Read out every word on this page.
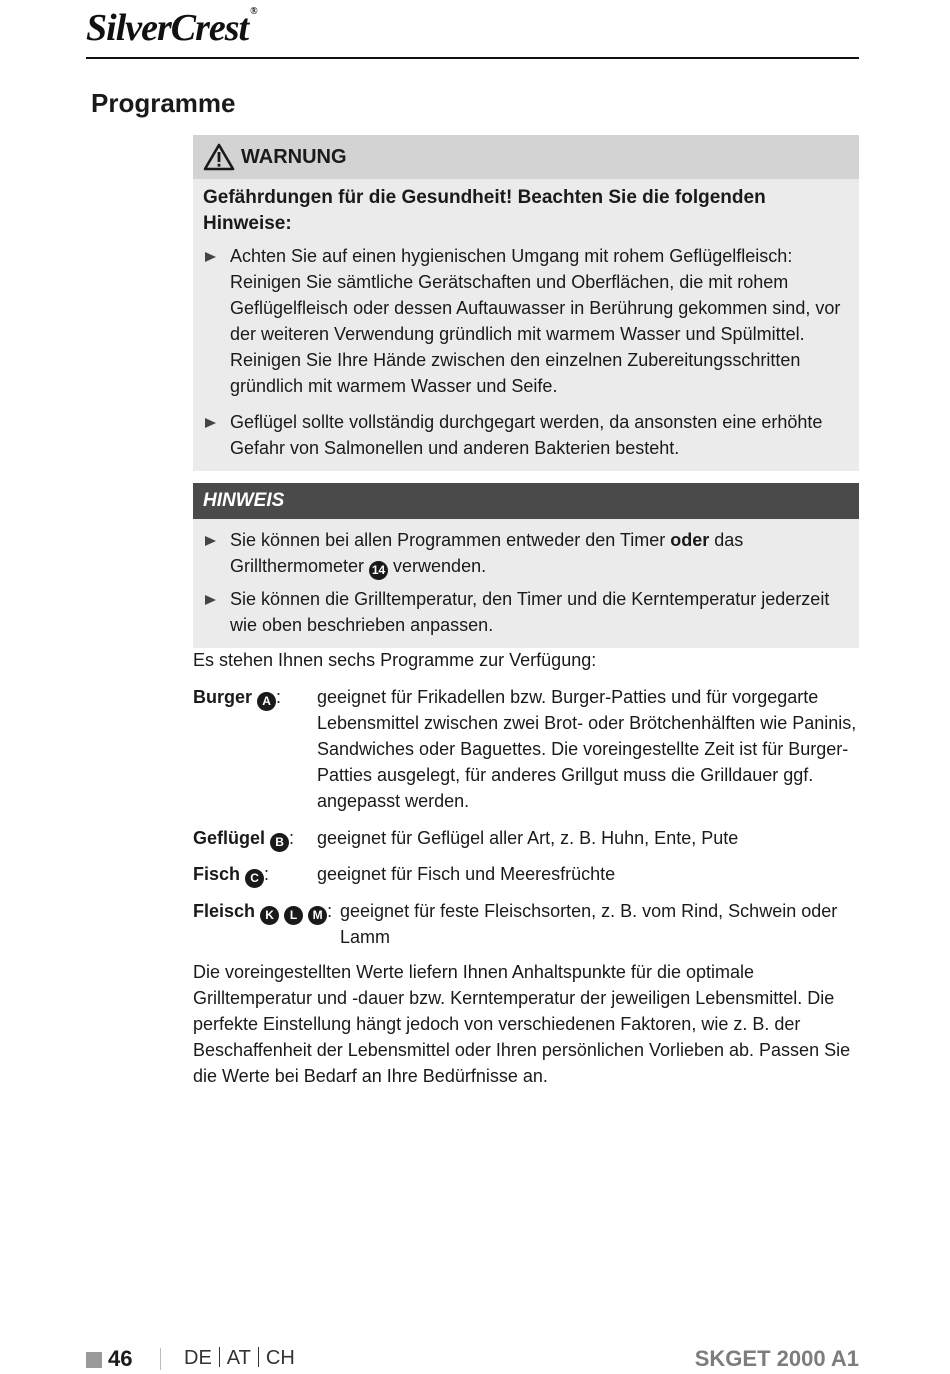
SilverCrest ®
Programme
WARNUNG
Gefährdungen für die Gesundheit! Beachten Sie die folgenden Hinweise:
Achten Sie auf einen hygienischen Umgang mit rohem Geflügelfleisch: Reinigen Sie sämtliche Gerätschaften und Oberflächen, die mit rohem Geflügelfleisch oder dessen Auftauwasser in Berührung gekommen sind, vor der weiteren Verwendung gründlich mit warmem Wasser und Spülmittel. Reinigen Sie Ihre Hände zwischen den einzelnen Zubereitungsschritten gründlich mit warmem Wasser und Seife.
Geflügel sollte vollständig durchgegart werden, da ansonsten eine erhöhte Gefahr von Salmonellen und anderen Bakterien besteht.
HINWEIS
Sie können bei allen Programmen entweder den Timer oder das Grillthermometer 14 verwenden.
Sie können die Grilltemperatur, den Timer und die Kerntemperatur jederzeit wie oben beschrieben anpassen.

Es stehen Ihnen sechs Programme zur Verfügung:

Burger A : geeignet für Frikadellen bzw. Burger-Patties und für vorgegarte Lebensmittel zwischen zwei Brot- oder Brötchenhälften wie Paninis, Sandwiches oder Baguettes. Die voreingestellte Zeit ist für Burger-Patties ausgelegt, für anderes Grillgut muss die Grilldauer ggf. angepasst werden.
Geflügel B : geeignet für Geflügel aller Art, z. B. Huhn, Ente, Pute
Fisch C :	geeignet für Fisch und Meeresfrüchte
Fleisch K L M : geeignet für feste Fleischsorten, z. B. vom Rind, Schwein oder Lamm

Die voreingestellten Werte liefern Ihnen Anhaltspunkte für die optimale Grilltemperatur und -dauer bzw. Kerntemperatur der jeweiligen Lebensmittel. Die perfekte Einstellung hängt jedoch von verschiedenen Faktoren, wie z. B. der Beschaffenheit der Lebensmittel oder Ihren persönlichen Vorlieben ab. Passen Sie die Werte bei Bedarf an Ihre Bedürfnisse an.

46	DE AT CH	SKGET 2000 A1
